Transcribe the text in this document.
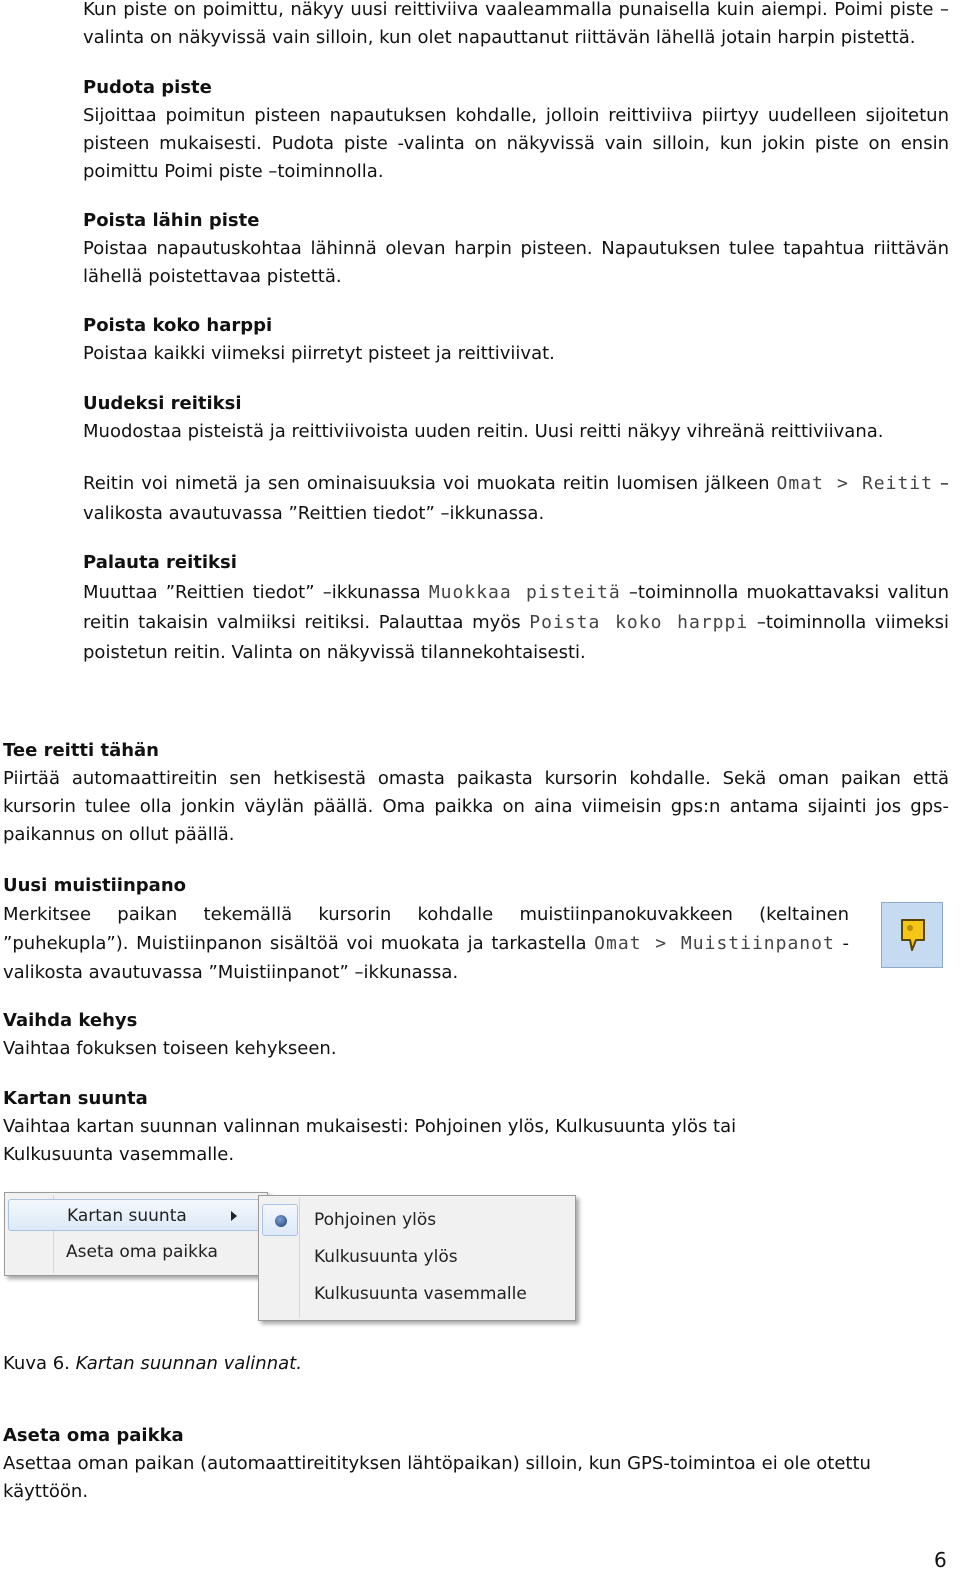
Kun piste on poimittu, näkyy uusi reittiviiva vaaleammalla punaisella kuin aiempi. Poimi piste –valinta on näkyvissä vain silloin, kun olet napauttanut riittävän lähellä jotain harpin pistettä.

Pudota piste

Sijoittaa poimitun pisteen napautuksen kohdalle, jolloin reittiviiva piirtyy uudelleen sijoitetun pisteen mukaisesti. Pudota piste -valinta on näkyvissä vain silloin, kun jokin piste on ensin poimittu Poimi piste –toiminnolla.

Poista lähin piste

Poistaa napautuskohtaa lähinnä olevan harpin pisteen. Napautuksen tulee tapahtua riittävän lähellä poistettavaa pistettä.

Poista koko harppi

Poistaa kaikki viimeksi piirretyt pisteet ja reittiviivat.

Uudeksi reitiksi

Muodostaa pisteistä ja reittiviivoista uuden reitin. Uusi reitti näkyy vihreänä reittiviivana.

Reitin voi nimetä ja sen ominaisuuksia voi muokata reitin luomisen jälkeen Omat > Reitit –valikosta avautuvassa ”Reittien tiedot” –ikkunassa.

Palauta reitiksi

Muuttaa ”Reittien tiedot” –ikkunassa Muokkaa pisteitä –toiminnolla muokattavaksi valitun reitin takaisin valmiiksi reitiksi. Palauttaa myös Poista koko harppi –toiminnolla viimeksi poistetun reitin. Valinta on näkyvissä tilannekohtaisesti.

Tee reitti tähän

Piirtää automaattireitin sen hetkisestä omasta paikasta kursorin kohdalle. Sekä oman paikan että kursorin tulee olla jonkin väylän päällä. Oma paikka on aina viimeisin gps:n antama sijainti jos gps-paikannus on ollut päällä.

Uusi muistiinpano

Merkitsee paikan tekemällä kursorin kohdalle muistiinpanokuvakkeen (keltainen ”puhekupla”). Muistiinpanon sisältöä voi muokata ja tarkastella Omat > Muistiinpanot -valikosta avautuvassa ”Muistiinpanot” –ikkunassa.

Vaihda kehys

Vaihtaa fokuksen toiseen kehykseen.

Kartan suunta

Vaihtaa kartan suunnan valinnan mukaisesti: Pohjoinen ylös, Kulkusuunta ylös tai Kulkusuunta vasemmalle.

Kartan suunta
Aseta oma paikka
Pohjoinen ylös
Kulkusuunta ylös
Kulkusuunta vasemmalle
Kuva 6. Kartan suunnan valinnat.
Aseta oma paikka

Asettaa oman paikan (automaattireitityksen lähtöpaikan) silloin, kun GPS-toimintoa ei ole otettu käyttöön.

6
